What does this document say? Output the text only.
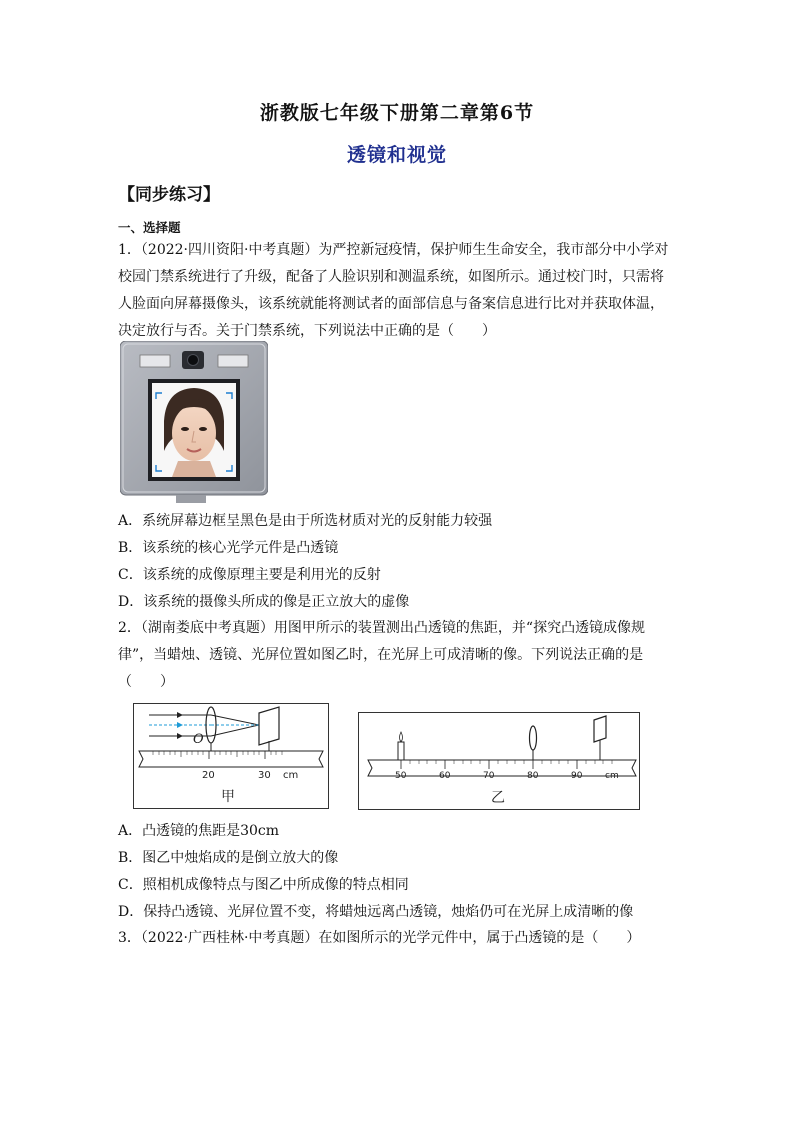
浙教版七年级下册第二章第6节
透镜和视觉
【同步练习】
一、选择题
1．（2022·四川资阳·中考真题）为严控新冠疫情，保护师生生命安全，我市部分中小学对
校园门禁系统进行了升级，配备了人脸识别和测温系统，如图所示。通过校门时，只需将
人脸面向屏幕摄像头，该系统就能将测试者的面部信息与备案信息进行比对并获取体温，
决定放行与否。关于门禁系统，下列说法中正确的是（　　）
A．系统屏幕边框呈黑色是由于所选材质对光的反射能力较强
B．该系统的核心光学元件是凸透镜
C．该系统的成像原理主要是利用光的反射
D．该系统的摄像头所成的像是正立放大的虚像
2．（湖南娄底中考真题）用图甲所示的装置测出凸透镜的焦距，并“探究凸透镜成像规
律”，当蜡烛、透镜、光屏位置如图乙时，在光屏上可成清晰的像。下列说法正确的是
（　　）
O
20	30 cm
甲
50	60	70	80	90	cm
乙
A．凸透镜的焦距是30cm
B．图乙中烛焰成的是倒立放大的像
C．照相机成像特点与图乙中所成像的特点相同
D．保持凸透镜、光屏位置不变，将蜡烛远离凸透镜，烛焰仍可在光屏上成清晰的像
3．（2022·广西桂林·中考真题）在如图所示的光学元件中，属于凸透镜的是（　　）
